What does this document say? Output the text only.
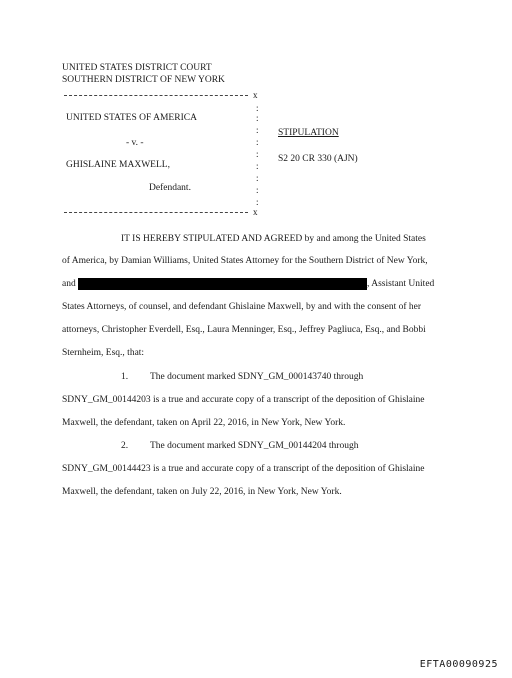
UNITED STATES DISTRICT COURT
SOUTHERN DISTRICT OF NEW YORK
x
:
:
:
:
:
:
:
:
:
UNITED STATES OF AMERICA
- v. -
GHISLAINE MAXWELL,
Defendant.
x
STIPULATION
S2 20 CR 330 (AJN)
IT IS HEREBY STIPULATED AND AGREED by and among the United States
of America, by Damian Williams, United States Attorney for the Southern District of New York,
and	, Assistant United
States Attorneys, of counsel, and defendant Ghislaine Maxwell, by and with the consent of her
attorneys, Christopher Everdell, Esq., Laura Menninger, Esq., Jeffrey Pagliuca, Esq., and Bobbi
Sternheim, Esq., that:
1. The document marked SDNY_GM_000143740 through
SDNY_GM_00144203 is a true and accurate copy of a transcript of the deposition of Ghislaine
Maxwell, the defendant, taken on April 22, 2016, in New York, New York.
2. The document marked SDNY_GM_00144204 through
SDNY_GM_00144423 is a true and accurate copy of a transcript of the deposition of Ghislaine
Maxwell, the defendant, taken on July 22, 2016, in New York, New York.
EFTA00090925
